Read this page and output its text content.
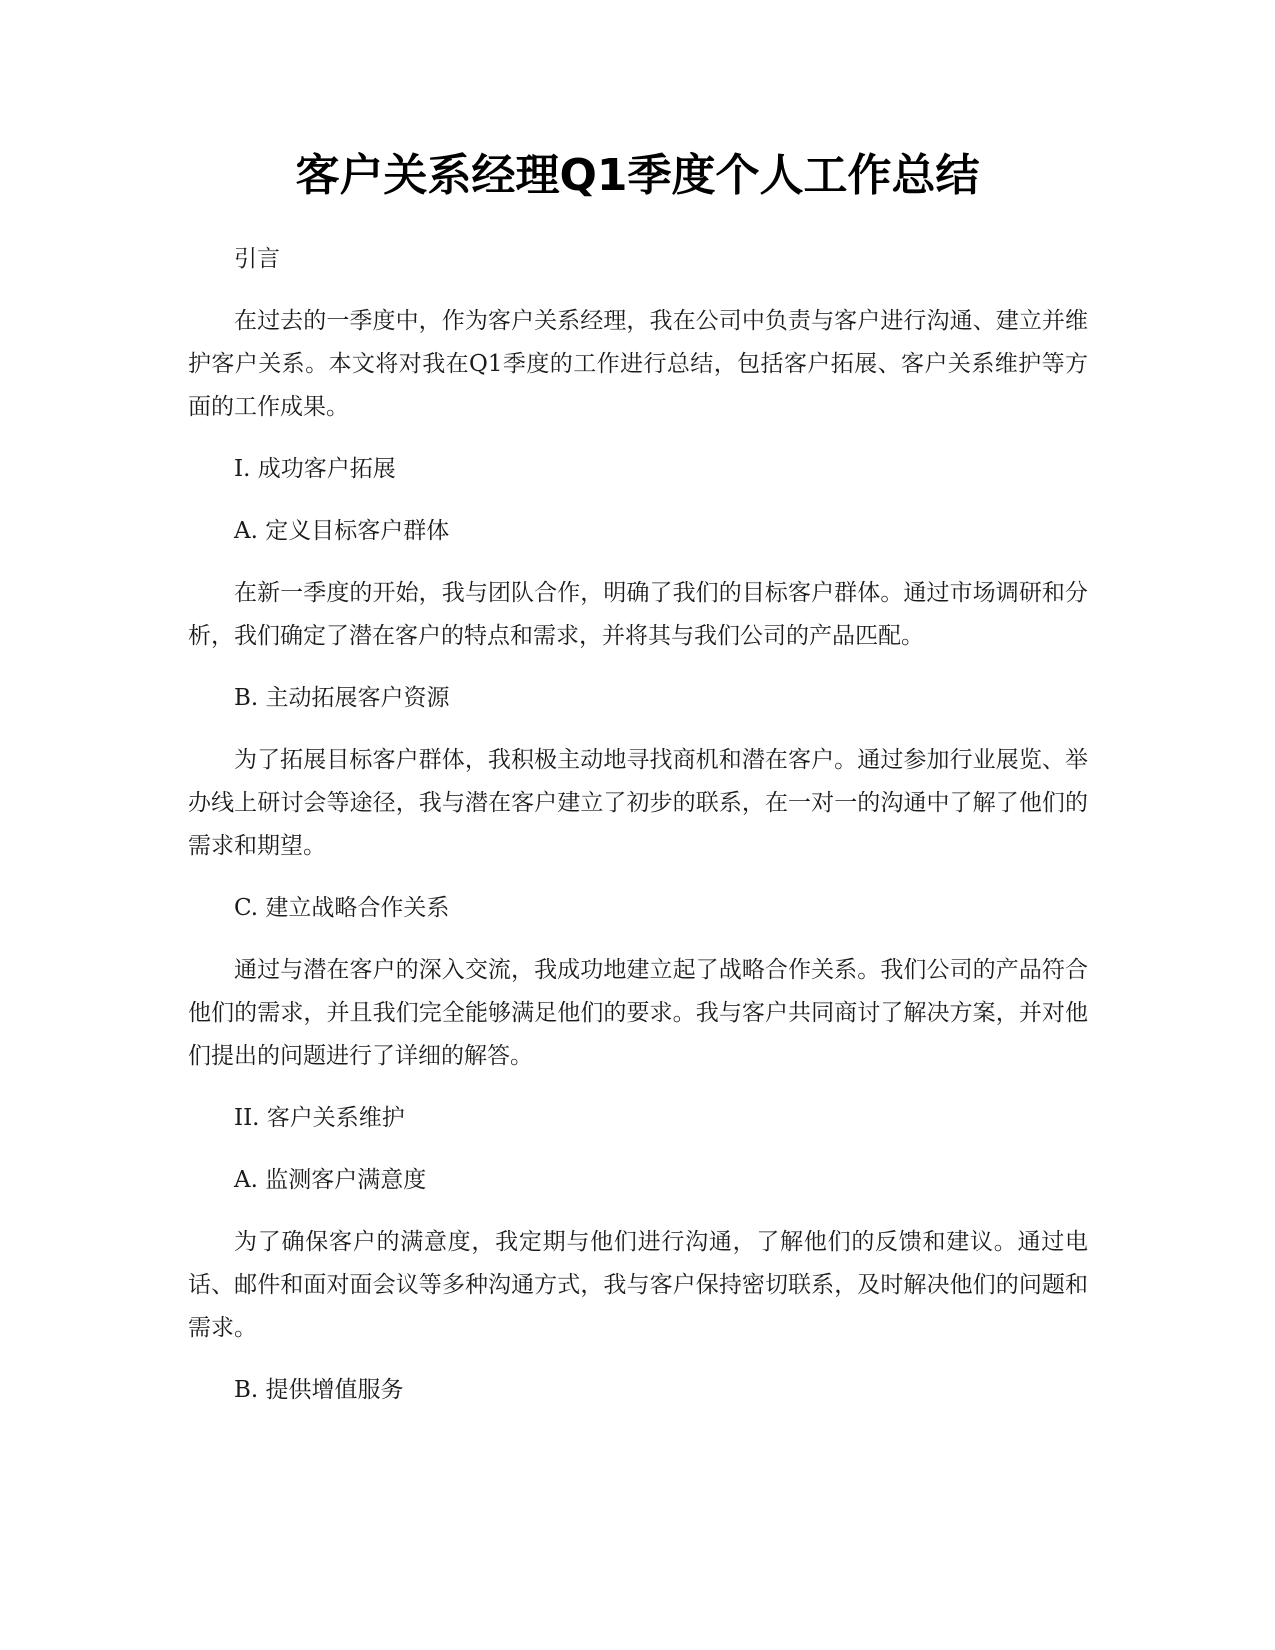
客户关系经理Q1季度个人工作总结

引言

在过去的一季度中，作为客户关系经理，我在公司中负责与客户进行沟通、建立并维护客户关系。本文将对我在Q1季度的工作进行总结，包括客户拓展、客户关系维护等方面的工作成果。

I. 成功客户拓展

A. 定义目标客户群体

在新一季度的开始，我与团队合作，明确了我们的目标客户群体。通过市场调研和分析，我们确定了潜在客户的特点和需求，并将其与我们公司的产品匹配。

B. 主动拓展客户资源

为了拓展目标客户群体，我积极主动地寻找商机和潜在客户。通过参加行业展览、举办线上研讨会等途径，我与潜在客户建立了初步的联系，在一对一的沟通中了解了他们的需求和期望。

C. 建立战略合作关系

通过与潜在客户的深入交流，我成功地建立起了战略合作关系。我们公司的产品符合他们的需求，并且我们完全能够满足他们的要求。我与客户共同商讨了解决方案，并对他们提出的问题进行了详细的解答。

II. 客户关系维护

A. 监测客户满意度

为了确保客户的满意度，我定期与他们进行沟通，了解他们的反馈和建议。通过电话、邮件和面对面会议等多种沟通方式，我与客户保持密切联系，及时解决他们的问题和需求。

B. 提供增值服务
